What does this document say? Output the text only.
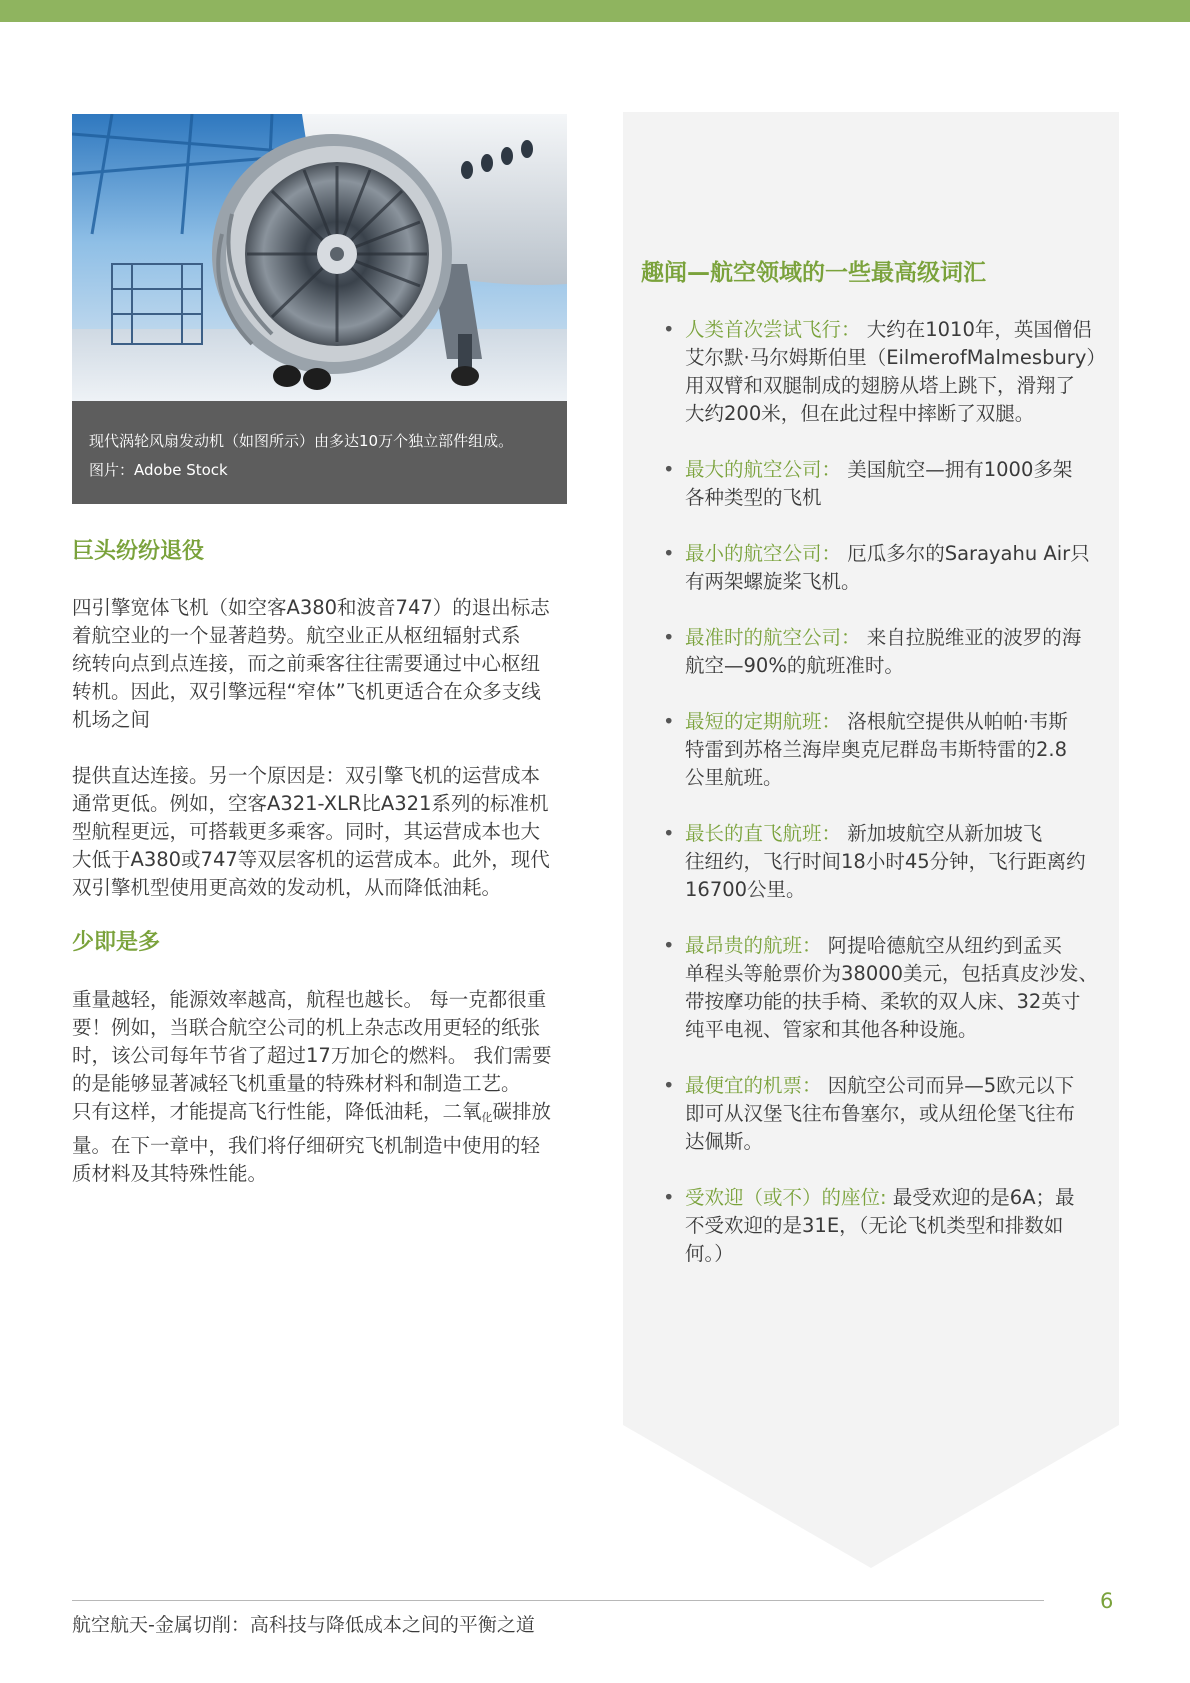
现代涡轮风扇发动机（如图所示）由多达10万个独立部件组成。
图片：Adobe Stock
巨头纷纷退役
四引擎宽体飞机（如空客A380和波音747）的退出标志
着航空业的一个显著趋势。航空业正从枢纽辐射式系
统转向点到点连接，而之前乘客往往需要通过中心枢纽
转机。因此，双引擎远程“窄体”飞机更适合在众多支线
机场之间
提供直达连接。另一个原因是：双引擎飞机的运营成本
通常更低。例如，空客A321-XLR比A321系列的标准机
型航程更远，可搭载更多乘客。同时，其运营成本也大
大低于A380或747等双层客机的运营成本。此外，现代
双引擎机型使用更高效的发动机，从而降低油耗。
少即是多
重量越轻，能源效率越高，航程也越长。 每一克都很重
要！例如，当联合航空公司的机上杂志改用更轻的纸张
时，该公司每年节省了超过17万加仑的燃料。 我们需要
的是能够显著减轻飞机重量的特殊材料和制造工艺。
只有这样，才能提高飞行性能，降低油耗，二氧$_化$碳排放
量。在下一章中，我们将仔细研究飞机制造中使用的轻
质材料及其特殊性能。
趣闻—航空领域的一些最高级词汇
• 人类首次尝试飞行： 大约在1010年，英国僧侣
艾尔默·马尔姆斯伯里（EilmerofMalmesbury）
用双臂和双腿制成的翅膀从塔上跳下，滑翔了
大约200米，但在此过程中摔断了双腿。
• 最大的航空公司： 美国航空—拥有1000多架
各种类型的飞机
• 最小的航空公司： 厄瓜多尔的Sarayahu Air只
有两架螺旋桨飞机。
• 最准时的航空公司： 来自拉脱维亚的波罗的海
航空—90%的航班准时。
• 最短的定期航班： 洛根航空提供从帕帕·韦斯
特雷到苏格兰海岸奥克尼群岛韦斯特雷的2.8
公里航班。
• 最长的直飞航班： 新加坡航空从新加坡飞
往纽约，飞行时间18小时45分钟，飞行距离约
16700公里。
• 最昂贵的航班： 阿提哈德航空从纽约到孟买
单程头等舱票价为38000美元，包括真皮沙发、
带按摩功能的扶手椅、柔软的双人床、32英寸
纯平电视、管家和其他各种设施。
• 最便宜的机票： 因航空公司而异—5欧元以下
即可从汉堡飞往布鲁塞尔，或从纽伦堡飞往布
达佩斯。
• 受欢迎（或不）的座位: 最受欢迎的是6A；最
不受欢迎的是31E，（无论飞机类型和排数如
何。）
6
航空航天-金属切削：高科技与降低成本之间的平衡之道
